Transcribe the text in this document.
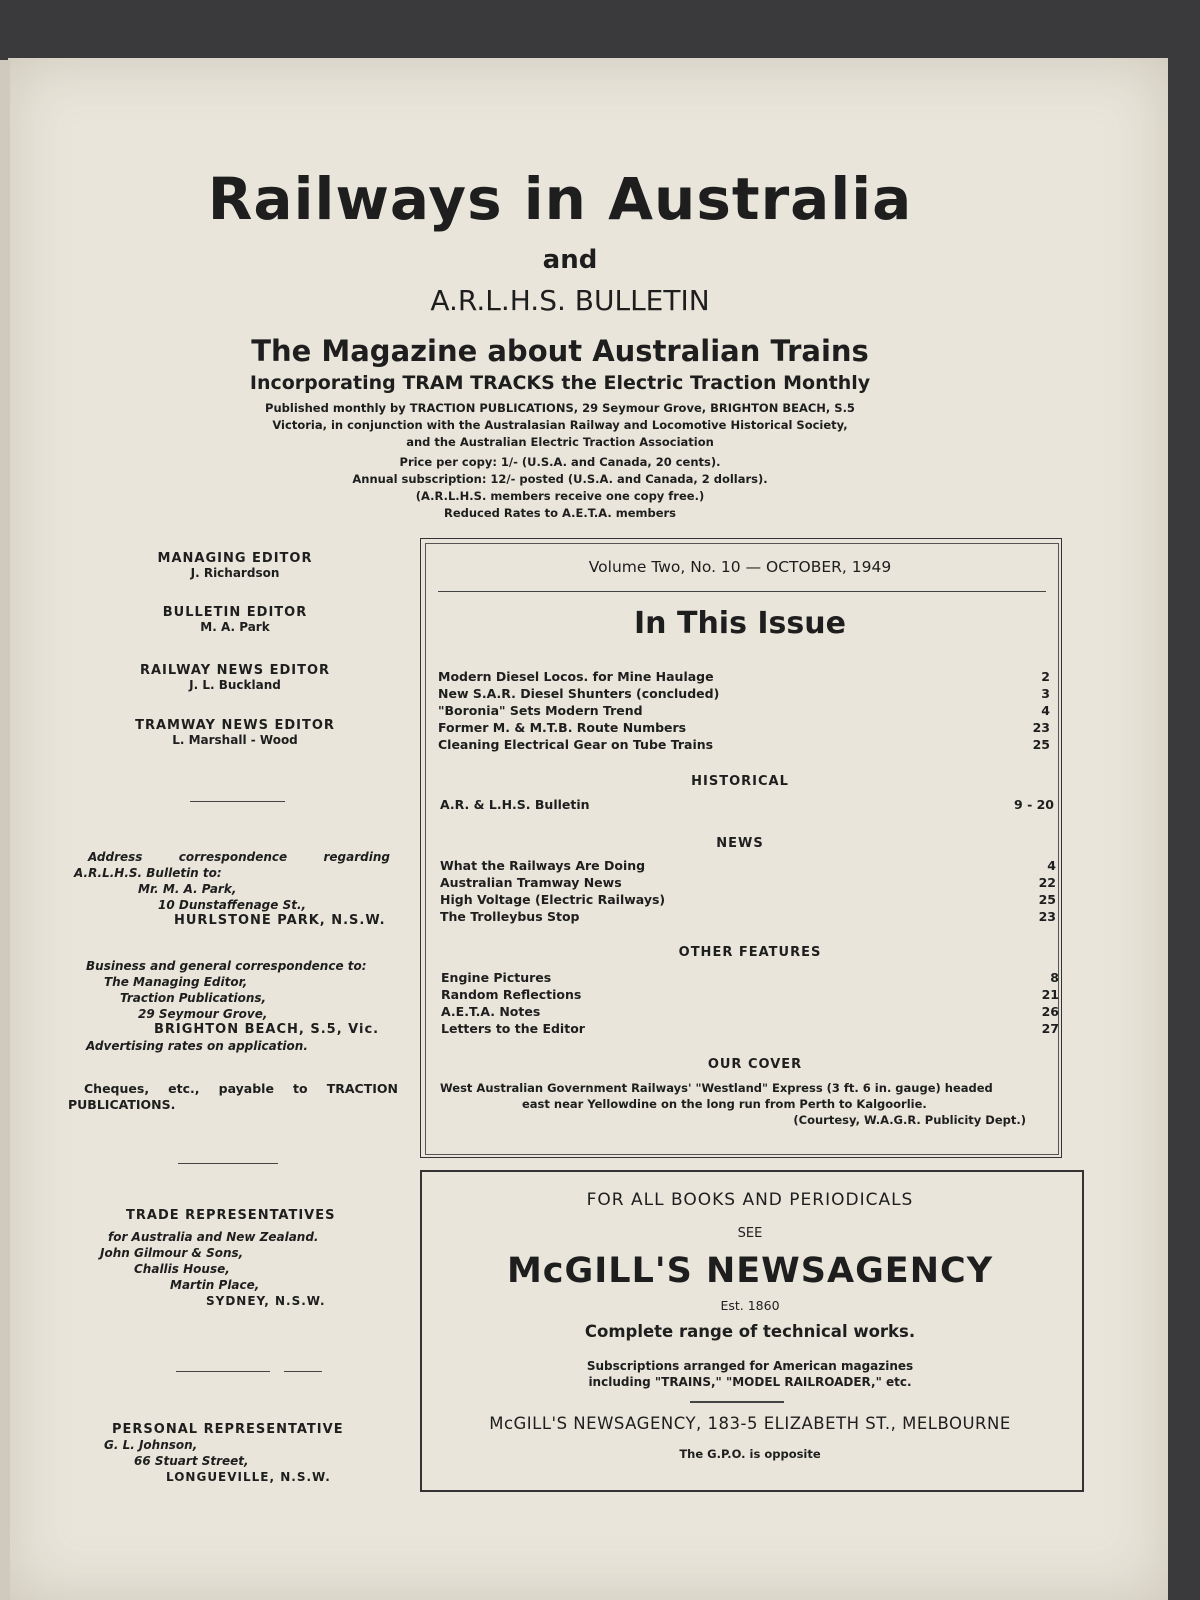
Railways in Australia
and
A.R.L.H.S. BULLETIN
The Magazine about Australian Trains
Incorporating TRAM TRACKS the Electric Traction Monthly
Published monthly by TRACTION PUBLICATIONS, 29 Seymour Grove, BRIGHTON BEACH, S.5
Victoria, in conjunction with the Australasian Railway and Locomotive Historical Society,
and the Australian Electric Traction Association
Price per copy: 1/- (U.S.A. and Canada, 20 cents).
Annual subscription: 12/- posted (U.S.A. and Canada, 2 dollars).
(A.R.L.H.S. members receive one copy free.)
Reduced Rates to A.E.T.A. members
MANAGING EDITOR
J. Richardson
BULLETIN EDITOR
M. A. Park
RAILWAY NEWS EDITOR
J. L. Buckland
TRAMWAY NEWS EDITOR
L. Marshall - Wood
Address correspondence regarding
A.R.L.H.S. Bulletin to:
Mr. M. A. Park,
10 Dunstaffenage St.,
HURLSTONE PARK, N.S.W.
Business and general correspondence to:
The Managing Editor,
Traction Publications,
29 Seymour Grove,
BRIGHTON BEACH, S.5, Vic.
Advertising rates on application.
Cheques, etc., payable to TRACTION
PUBLICATIONS.
TRADE REPRESENTATIVES
for Australia and New Zealand.
John Gilmour & Sons,
Challis House,
Martin Place,
SYDNEY, N.S.W.
PERSONAL REPRESENTATIVE
G. L. Johnson,
66 Stuart Street,
LONGUEVILLE, N.S.W.
Volume Two, No. 10 — OCTOBER, 1949
In This Issue
Modern Diesel Locos. for Mine Haulage	2
New S.A.R. Diesel Shunters (concluded)	3
"Boronia" Sets Modern Trend	4
Former M. & M.T.B. Route Numbers	23
Cleaning Electrical Gear on Tube Trains	25
HISTORICAL
A.R. & L.H.S. Bulletin	9 - 20
NEWS
What the Railways Are Doing	4
Australian Tramway News	22
High Voltage (Electric Railways)	25
The Trolleybus Stop	23
OTHER FEATURES
Engine Pictures	8
Random Reflections	21
A.E.T.A. Notes	26
Letters to the Editor	27
OUR COVER
West Australian Government Railways' "Westland" Express (3 ft. 6 in. gauge) headed
east near Yellowdine on the long run from Perth to Kalgoorlie.
(Courtesy, W.A.G.R. Publicity Dept.)
FOR ALL BOOKS AND PERIODICALS
SEE
McGILL'S NEWSAGENCY
Est. 1860
Complete range of technical works.
Subscriptions arranged for American magazines
including "TRAINS," "MODEL RAILROADER," etc.
McGILL'S NEWSAGENCY, 183-5 ELIZABETH ST., MELBOURNE
The G.P.O. is opposite
